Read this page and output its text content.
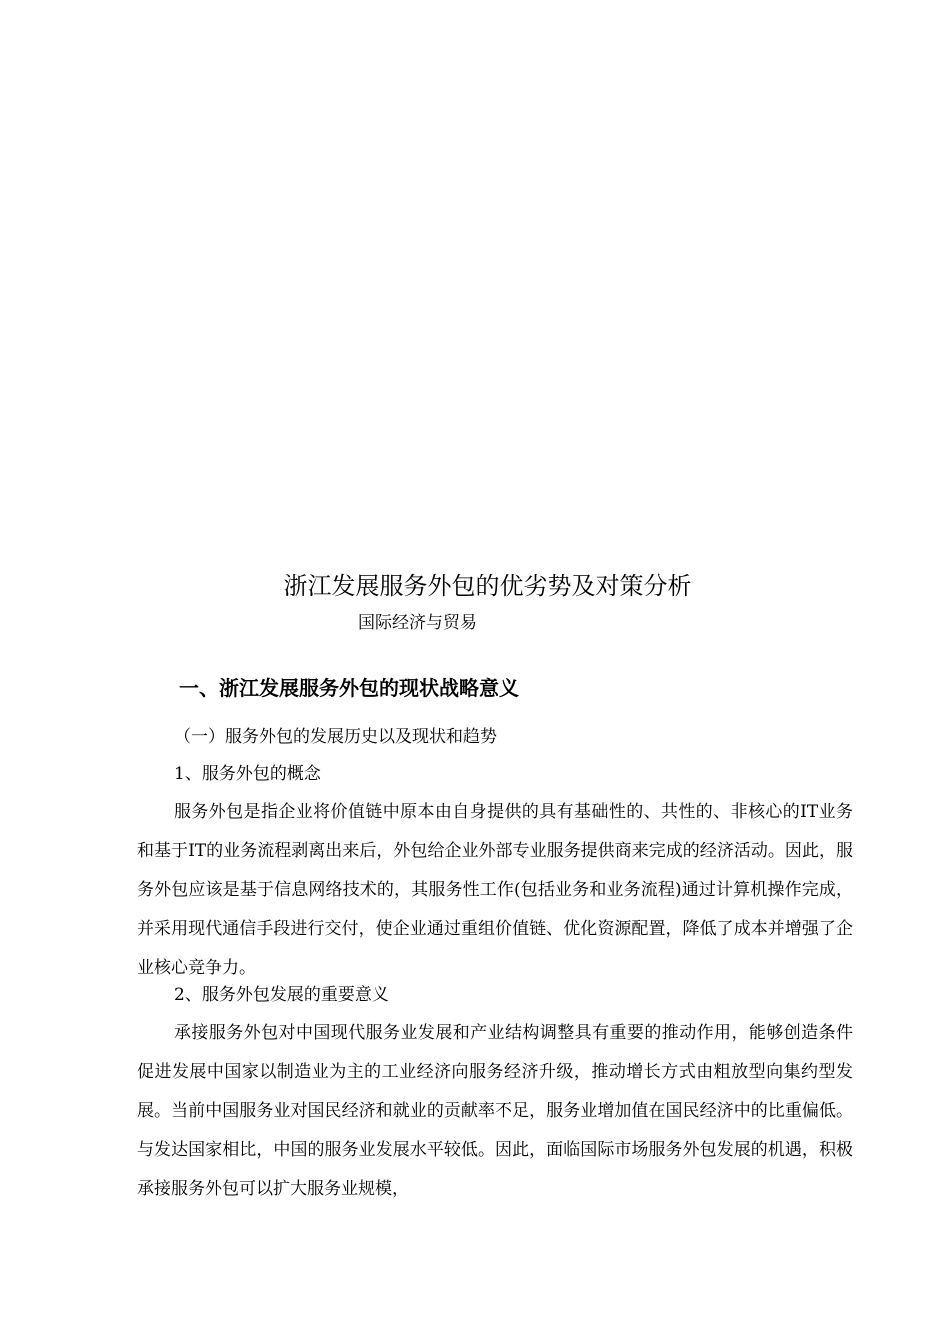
浙江发展服务外包的优劣势及对策分析
国际经济与贸易
一、浙江发展服务外包的现状战略意义
（一）服务外包的发展历史以及现状和趋势
1、服务外包的概念
服务外包是指企业将价值链中原本由自身提供的具有基础性的、共性的、非核心的IT业务和基于IT的业务流程剥离出来后，外包给企业外部专业服务提供商来完成的经济活动。因此，服务外包应该是基于信息网络技术的，其服务性工作(包括业务和业务流程)通过计算机操作完成，并采用现代通信手段进行交付，使企业通过重组价值链、优化资源配置，降低了成本并增强了企业核心竞争力。
2、服务外包发展的重要意义
承接服务外包对中国现代服务业发展和产业结构调整具有重要的推动作用，能够创造条件促进发展中国家以制造业为主的工业经济向服务经济升级，推动增长方式由粗放型向集约型发展。当前中国服务业对国民经济和就业的贡献率不足，服务业增加值在国民经济中的比重偏低。与发达国家相比，中国的服务业发展水平较低。因此，面临国际市场服务外包发展的机遇，积极承接服务外包可以扩大服务业规模，
